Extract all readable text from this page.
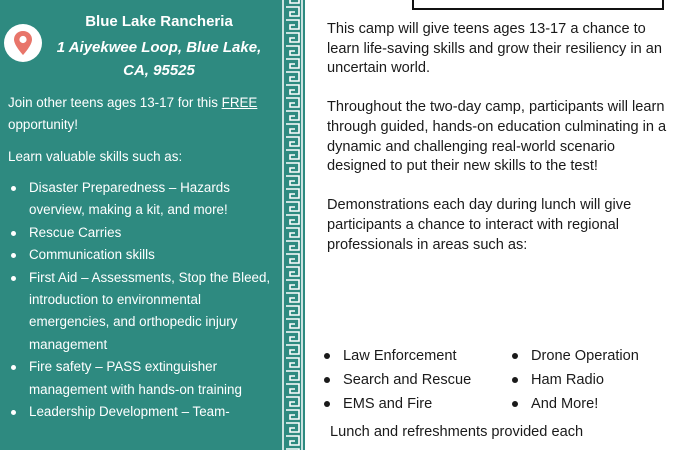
Blue Lake Rancheria
1 Aiyekwee Loop, Blue Lake, CA, 95525
Join other teens ages 13-17 for this FREE opportunity!
Learn valuable skills such as:
Disaster Preparedness – Hazards overview, making a kit, and more!
Rescue Carries
Communication skills
First Aid – Assessments, Stop the Bleed, introduction to environmental emergencies, and orthopedic injury management
Fire safety – PASS extinguisher management with hands-on training
Leadership Development – Team-

This camp will give teens ages 13-17 a chance to learn life-saving skills and grow their resiliency in an uncertain world.

Throughout the two-day camp, participants will learn through guided, hands-on education culminating in a dynamic and challenging real-world scenario designed to put their new skills to the test!

Demonstrations each day during lunch will give participants a chance to interact with regional professionals in areas such as:

Law Enforcement	Drone Operation
Search and Rescue	Ham Radio
EMS and Fire	And More!
Lunch and refreshments provided each
